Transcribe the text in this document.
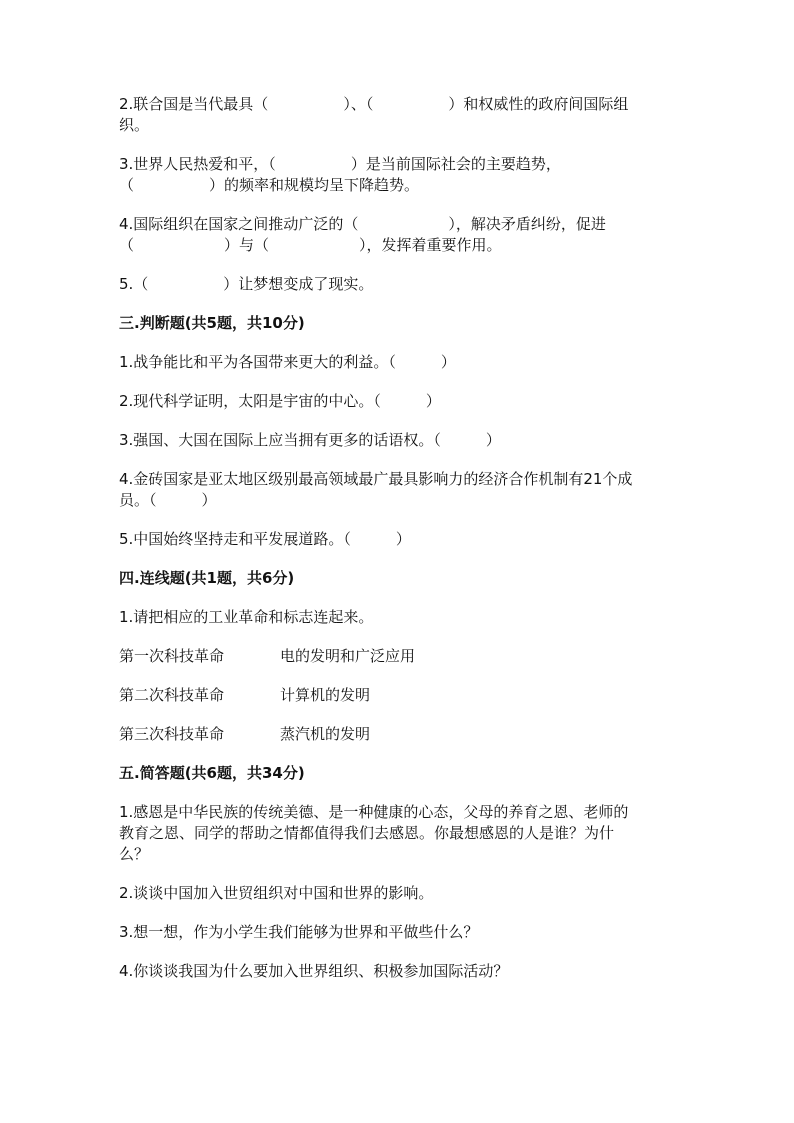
2.联合国是当代最具（　　　　　）、（　　　　　）和权威性的政府间国际组

织。

3.世界人民热爱和平，（　　　　　）是当前国际社会的主要趋势，

（　　　　　）的频率和规模均呈下降趋势。

4.国际组织在国家之间推动广泛的（　　　　　　），解决矛盾纠纷，促进

（　　　　　　）与（　　　　　　），发挥着重要作用。

5.（　　　　　）让梦想变成了现实。

三.判断题(共5题，共10分)

1.战争能比和平为各国带来更大的利益。（　　　）

2.现代科学证明，太阳是宇宙的中心。（　　　）

3.强国、大国在国际上应当拥有更多的话语权。（　　　）

4.金砖国家是亚太地区级别最高领域最广最具影响力的经济合作机制有21个成

员。（　　　）

5.中国始终坚持走和平发展道路。（　　　）

四.连线题(共1题，共6分)

1.请把相应的工业革命和标志连起来。

第一次科技革命	电的发明和广泛应用
第二次科技革命	计算机的发明
第三次科技革命	蒸汽机的发明
五.简答题(共6题，共34分)

1.感恩是中华民族的传统美德、是一种健康的心态，父母的养育之恩、老师的

教育之恩、同学的帮助之情都值得我们去感恩。你最想感恩的人是谁？为什

么？

2.谈谈中国加入世贸组织对中国和世界的影响。

3.想一想，作为小学生我们能够为世界和平做些什么？

4.你谈谈我国为什么要加入世界组织、积极参加国际活动？
